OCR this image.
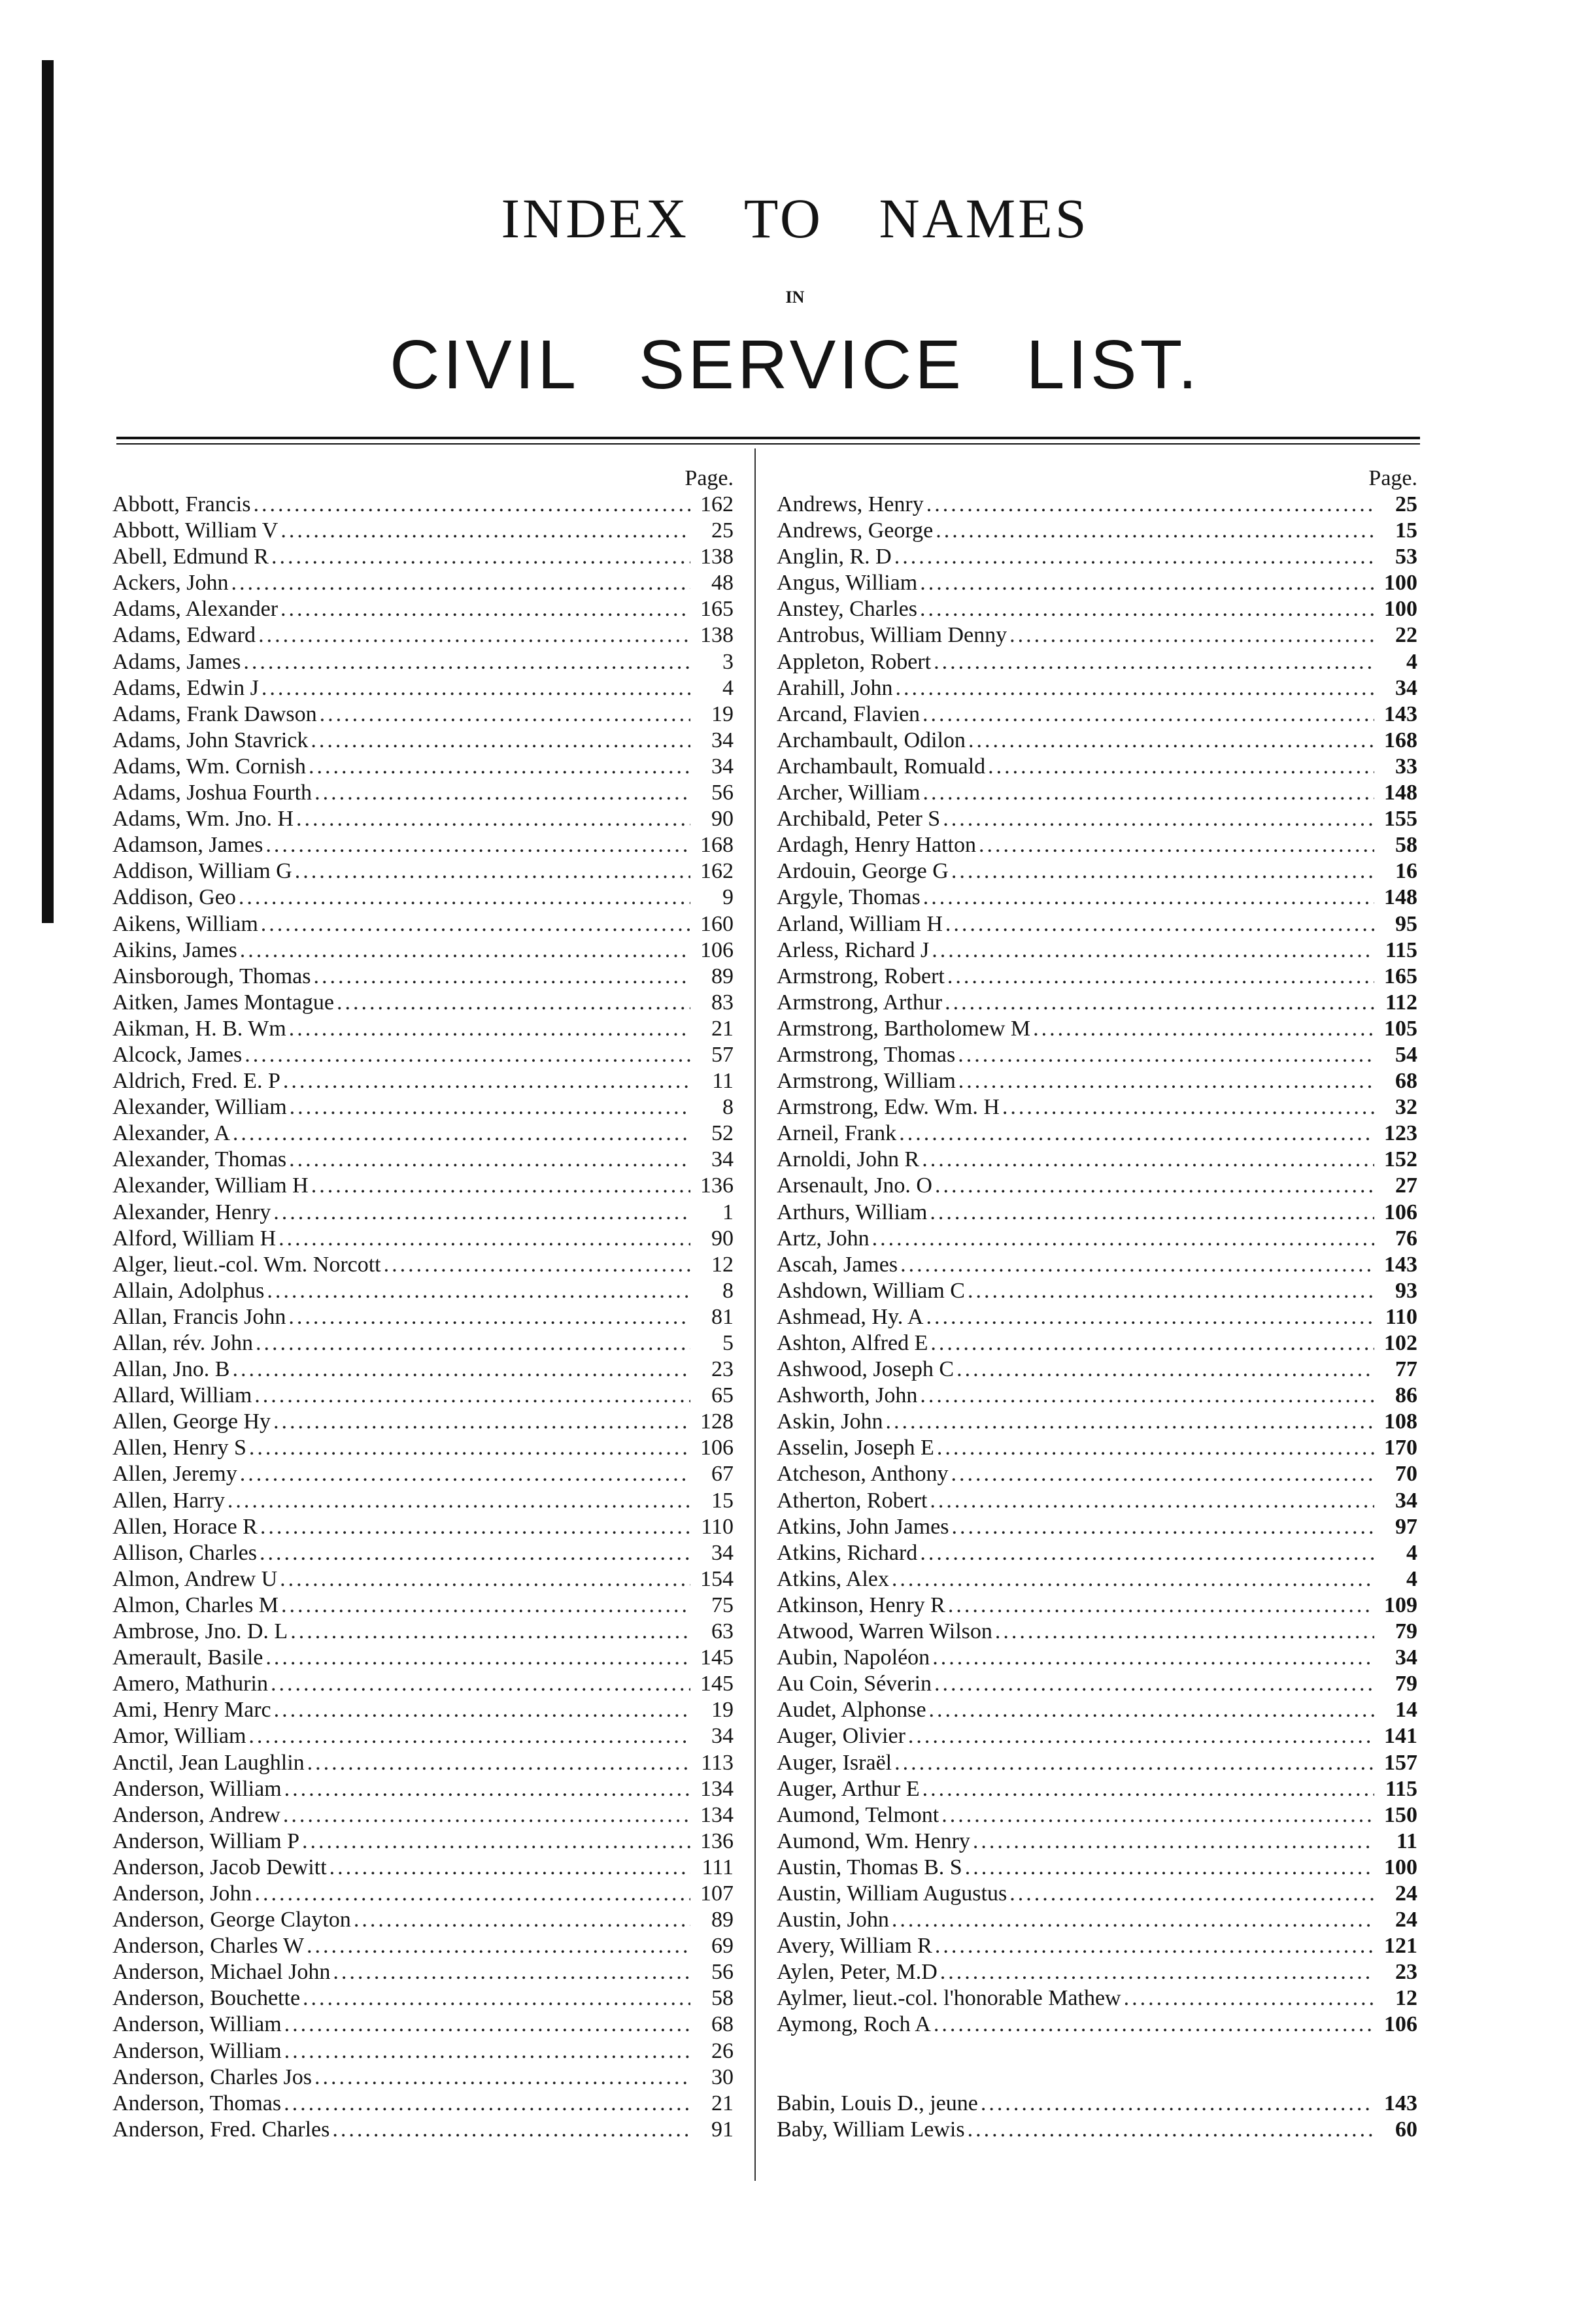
INDEX TO NAMES
IN
CIVIL SERVICE LIST.
Page.
Abbott, Francis .....	162
Abbott, William V .....	25
Abell, Edmund R .....	138
Ackers, John .....	48
Adams, Alexander .....	165
Adams, Edward .....	138
Adams, James .....	3
Adams, Edwin J .....	4
Adams, Frank Dawson .....	19
Adams, John Stavrick .....	34
Adams, Wm. Cornish .....	34
Adams, Joshua Fourth .....	56
Adams, Wm. Jno. H .....	90
Adamson, James .....	168
Addison, William G .....	162
Addison, Geo .....	9
Aikens, William .....	160
Aikins, James .....	106
Ainsborough, Thomas .....	89
Aitken, James Montague .....	83
Aikman, H. B. Wm .....	21
Alcock, James .....	57
Aldrich, Fred. E. P .....	11
Alexander, William .....	8
Alexander, A .....	52
Alexander, Thomas .....	34
Alexander, William H .....	136
Alexander, Henry .....	1
Alford, William H .....	90
Alger, lieut.-col. Wm. Norcott .....	12
Allain, Adolphus .....	8
Allan, Francis John .....	81
Allan, rév. John .....	5
Allan, Jno. B .....	23
Allard, William .....	65
Allen, George Hy .....	128
Allen, Henry S .....	106
Allen, Jeremy .....	67
Allen, Harry .....	15
Allen, Horace R .....	110
Allison, Charles .....	34
Almon, Andrew U .....	154
Almon, Charles M .....	75
Ambrose, Jno. D. L .....	63
Amerault, Basile .....	145
Amero, Mathurin .....	145
Ami, Henry Marc .....	19
Amor, William .....	34
Anctil, Jean Laughlin .....	113
Anderson, William .....	134
Anderson, Andrew .....	134
Anderson, William P .....	136
Anderson, Jacob Dewitt .....	111
Anderson, John .....	107
Anderson, George Clayton .....	89
Anderson, Charles W .....	69
Anderson, Michael John .....	56
Anderson, Bouchette .....	58
Anderson, William .....	68
Anderson, William .....	26
Anderson, Charles Jos .....	30
Anderson, Thomas .....	21
Anderson, Fred. Charles .....	91
Page.
Andrews, Henry .....	25
Andrews, George .....	15
Anglin, R. D .....	53
Angus, William .....	100
Anstey, Charles .....	100
Antrobus, William Denny .....	22
Appleton, Robert .....	4
Arahill, John .....	34
Arcand, Flavien .....	143
Archambault, Odilon .....	168
Archambault, Romuald .....	33
Archer, William .....	148
Archibald, Peter S .....	155
Ardagh, Henry Hatton .....	58
Ardouin, George G .....	16
Argyle, Thomas .....	148
Arland, William H .....	95
Arless, Richard J .....	115
Armstrong, Robert .....	165
Armstrong, Arthur .....	112
Armstrong, Bartholomew M .....	105
Armstrong, Thomas .....	54
Armstrong, William .....	68
Armstrong, Edw. Wm. H .....	32
Arneil, Frank .....	123
Arnoldi, John R .....	152
Arsenault, Jno. O .....	27
Arthurs, William .....	106
Artz, John .....	76
Ascah, James .....	143
Ashdown, William C .....	93
Ashmead, Hy. A .....	110
Ashton, Alfred E .....	102
Ashwood, Joseph C .....	77
Ashworth, John .....	86
Askin, John .....	108
Asselin, Joseph E .....	170
Atcheson, Anthony .....	70
Atherton, Robert .....	34
Atkins, John James .....	97
Atkins, Richard .....	4
Atkins, Alex .....	4
Atkinson, Henry R .....	109
Atwood, Warren Wilson .....	79
Aubin, Napoléon .....	34
Au Coin, Séverin .....	79
Audet, Alphonse .....	14
Auger, Olivier .....	141
Auger, Israël .....	157
Auger, Arthur E .....	115
Aumond, Telmont .....	150
Aumond, Wm. Henry .....	11
Austin, Thomas B. S .....	100
Austin, William Augustus .....	24
Austin, John .....	24
Avery, William R .....	121
Aylen, Peter, M.D .....	23
Aylmer, lieut.-col. l'honorable Mathew .....	12
Aymong, Roch A .....	106
Babin, Louis D., jeune .....	143
Baby, William Lewis .....	60
